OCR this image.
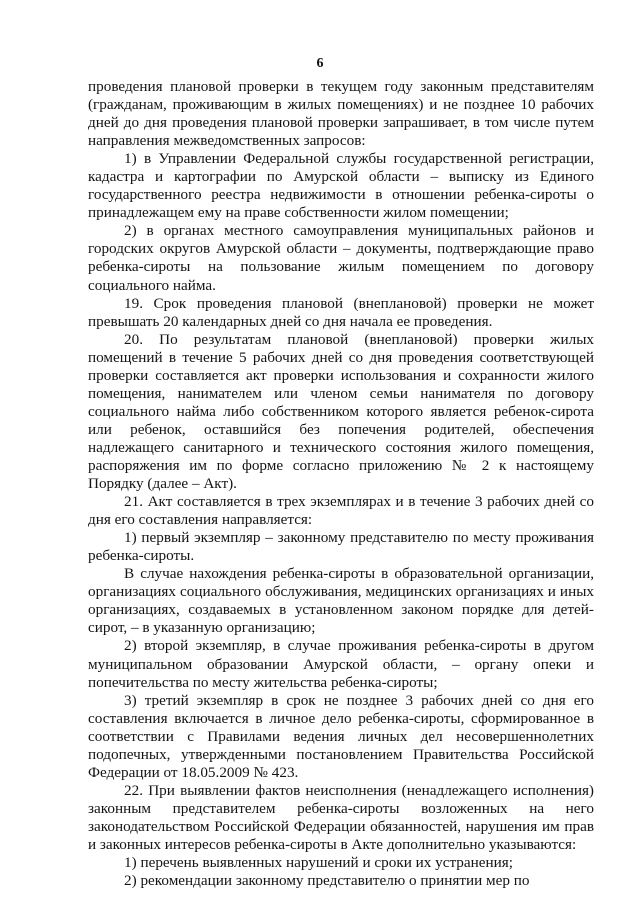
6

проведения плановой проверки в текущем году законным представителям (гражданам, проживающим в жилых помещениях) и не позднее 10 рабочих дней до дня проведения плановой проверки запрашивает, в том числе путем направления межведомственных запросов:

1) в Управлении Федеральной службы государственной регистрации, кадастра и картографии по Амурской области – выписку из Единого государственного реестра недвижимости в отношении ребенка-сироты о принадлежащем ему на праве собственности жилом помещении;

2) в органах местного самоуправления муниципальных районов и городских округов Амурской области – документы, подтверждающие право ребенка-сироты на пользование жилым помещением по договору социального найма.

19. Срок проведения плановой (внеплановой) проверки не может превышать 20 календарных дней со дня начала ее проведения.

20. По результатам плановой (внеплановой) проверки жилых помещений в течение 5 рабочих дней со дня проведения соответствующей проверки составляется акт проверки использования и сохранности жилого помещения, нанимателем или членом семьи нанимателя по договору социального найма либо собственником которого является ребенок-сирота или ребенок, оставшийся без попечения родителей, обеспечения надлежащего санитарного и технического состояния жилого помещения, распоряжения им по форме согласно приложению № 2 к настоящему Порядку (далее – Акт).

21. Акт составляется в трех экземплярах и в течение 3 рабочих дней со дня его составления направляется:

1) первый экземпляр – законному представителю по месту проживания ребенка-сироты.

В случае нахождения ребенка-сироты в образовательной организации, организациях социального обслуживания, медицинских организациях и иных организациях, создаваемых в установленном законом порядке для детей-сирот, – в указанную организацию;

2) второй экземпляр, в случае проживания ребенка-сироты в другом муниципальном образовании Амурской области, – органу опеки и попечительства по месту жительства ребенка-сироты;

3) третий экземпляр в срок не позднее 3 рабочих дней со дня его составления включается в личное дело ребенка-сироты, сформированное в соответствии с Правилами ведения личных дел несовершеннолетних подопечных, утвержденными постановлением Правительства Российской Федерации от 18.05.2009 № 423.

22. При выявлении фактов неисполнения (ненадлежащего исполнения) законным представителем ребенка-сироты возложенных на него законодательством Российской Федерации обязанностей, нарушения им прав и законных интересов ребенка-сироты в Акте дополнительно указываются:

1) перечень выявленных нарушений и сроки их устранения;

2) рекомендации законному представителю о принятии мер по
